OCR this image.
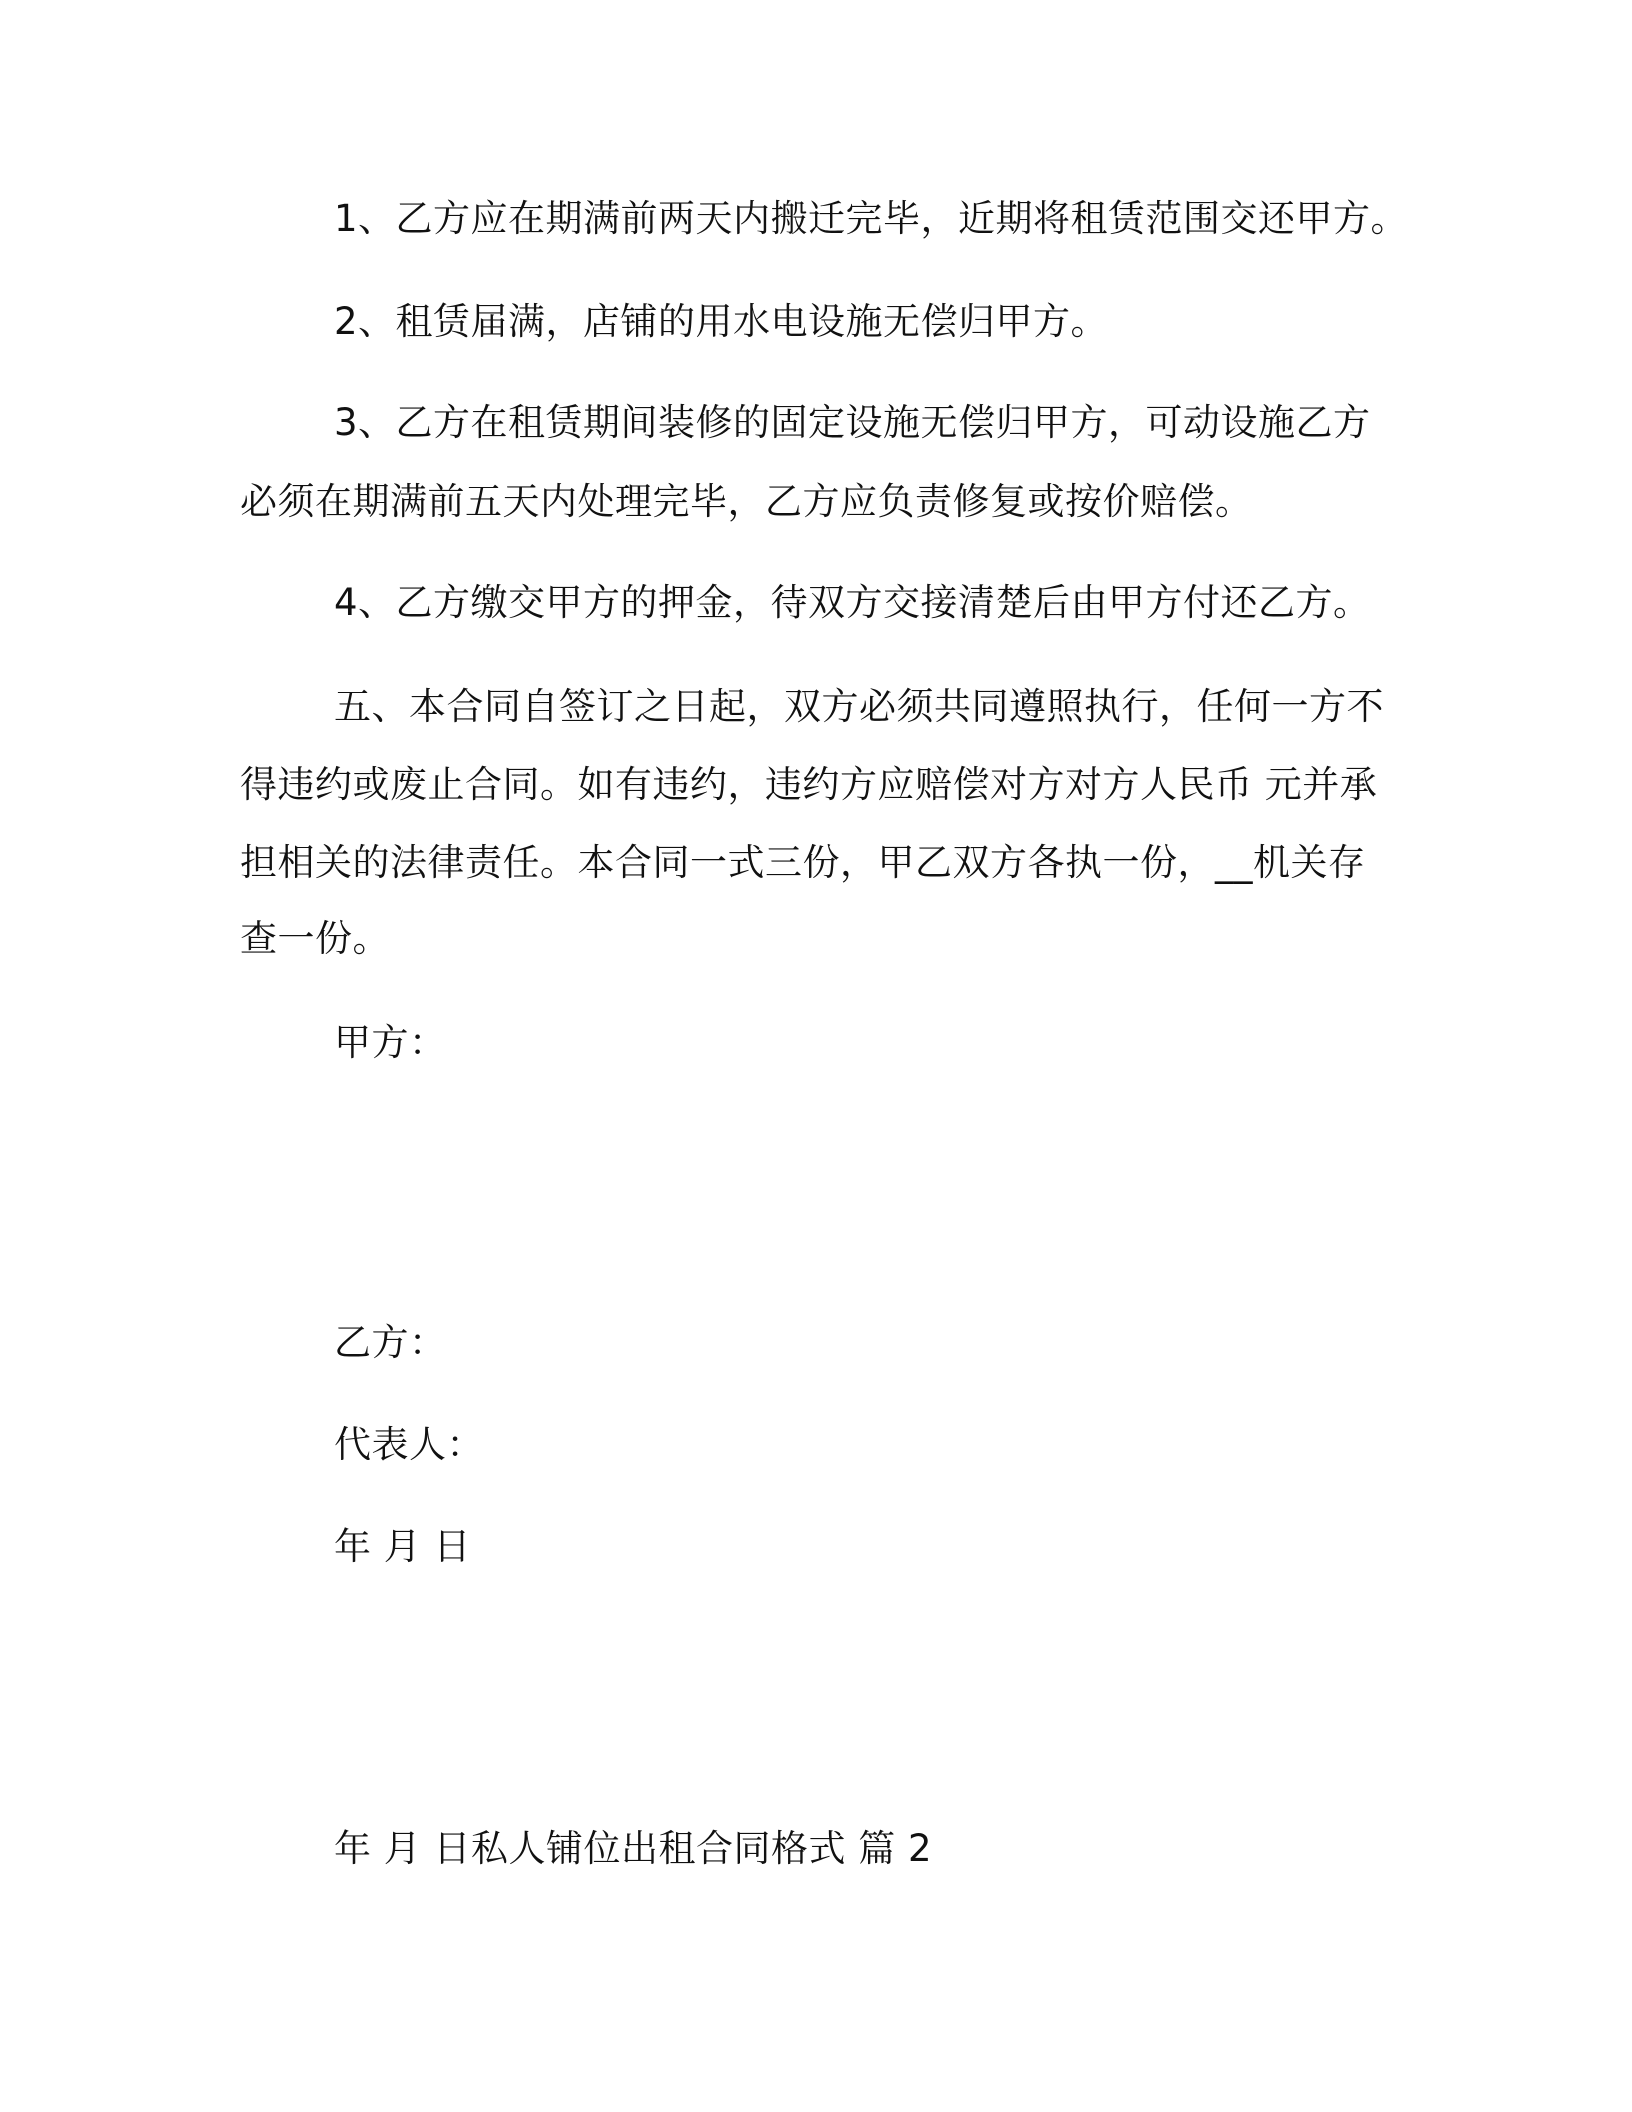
1、乙方应在期满前两天内搬迁完毕，近期将租赁范围交还甲方。
2、租赁届满，店铺的用水电设施无偿归甲方。
3、乙方在租赁期间装修的固定设施无偿归甲方，可动设施乙方
必须在期满前五天内处理完毕，乙方应负责修复或按价赔偿。
4、乙方缴交甲方的押金，待双方交接清楚后由甲方付还乙方。
五、本合同自签订之日起，双方必须共同遵照执行，任何一方不
得违约或废止合同。如有违约，违约方应赔偿对方对方人民币 元并承
担相关的法律责任。本合同一式三份，甲乙双方各执一份，__机关存
查一份。
甲方：
乙方：
代表人：
年 月 日
年 月 日私人铺位出租合同格式 篇 2
